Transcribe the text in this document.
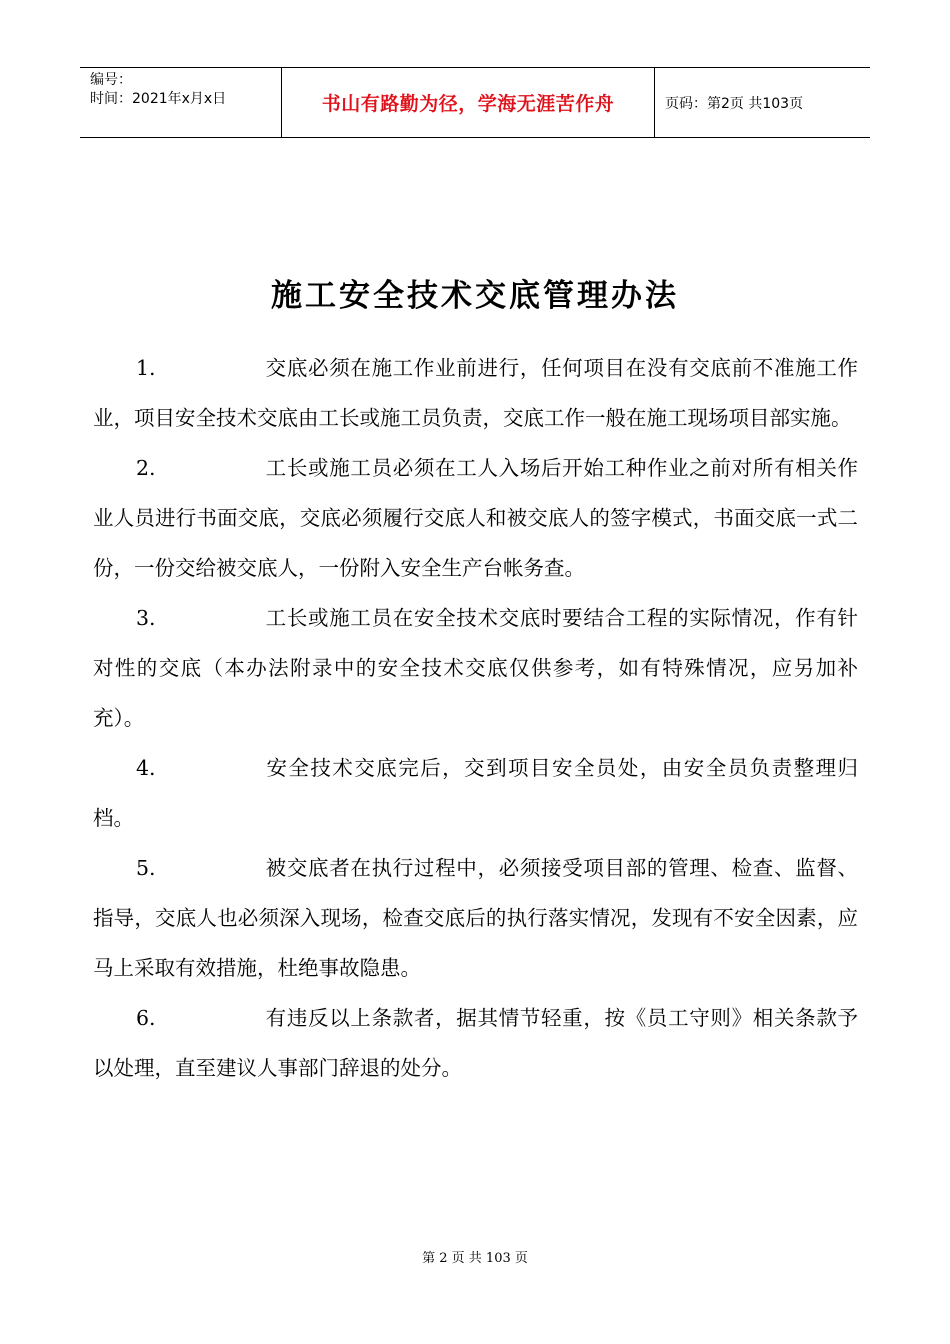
编号：
时间：2021年x月x日	书山有路勤为径，学海无涯苦作舟	页码：第2页 共103页
施工安全技术交底管理办法

1.	交底必须在施工作业前进行，任何项目在没有交底前不准施工作业，项目安全技术交底由工长或施工员负责，交底工作一般在施工现场项目部实施。

2.	工长或施工员必须在工人入场后开始工种作业之前对所有相关作业人员进行书面交底，交底必须履行交底人和被交底人的签字模式，书面交底一式二份，一份交给被交底人，一份附入安全生产台帐务查。

3.	工长或施工员在安全技术交底时要结合工程的实际情况，作有针对性的交底（本办法附录中的安全技术交底仅供参考，如有特殊情况，应另加补充）。

4.	安全技术交底完后，交到项目安全员处，由安全员负责整理归档。

5.	被交底者在执行过程中，必须接受项目部的管理、检查、监督、指导，交底人也必须深入现场，检查交底后的执行落实情况，发现有不安全因素，应马上采取有效措施，杜绝事故隐患。

6.	有违反以上条款者，据其情节轻重，按《员工守则》相关条款予以处理，直至建议人事部门辞退的处分。

第 2 页 共 103 页
